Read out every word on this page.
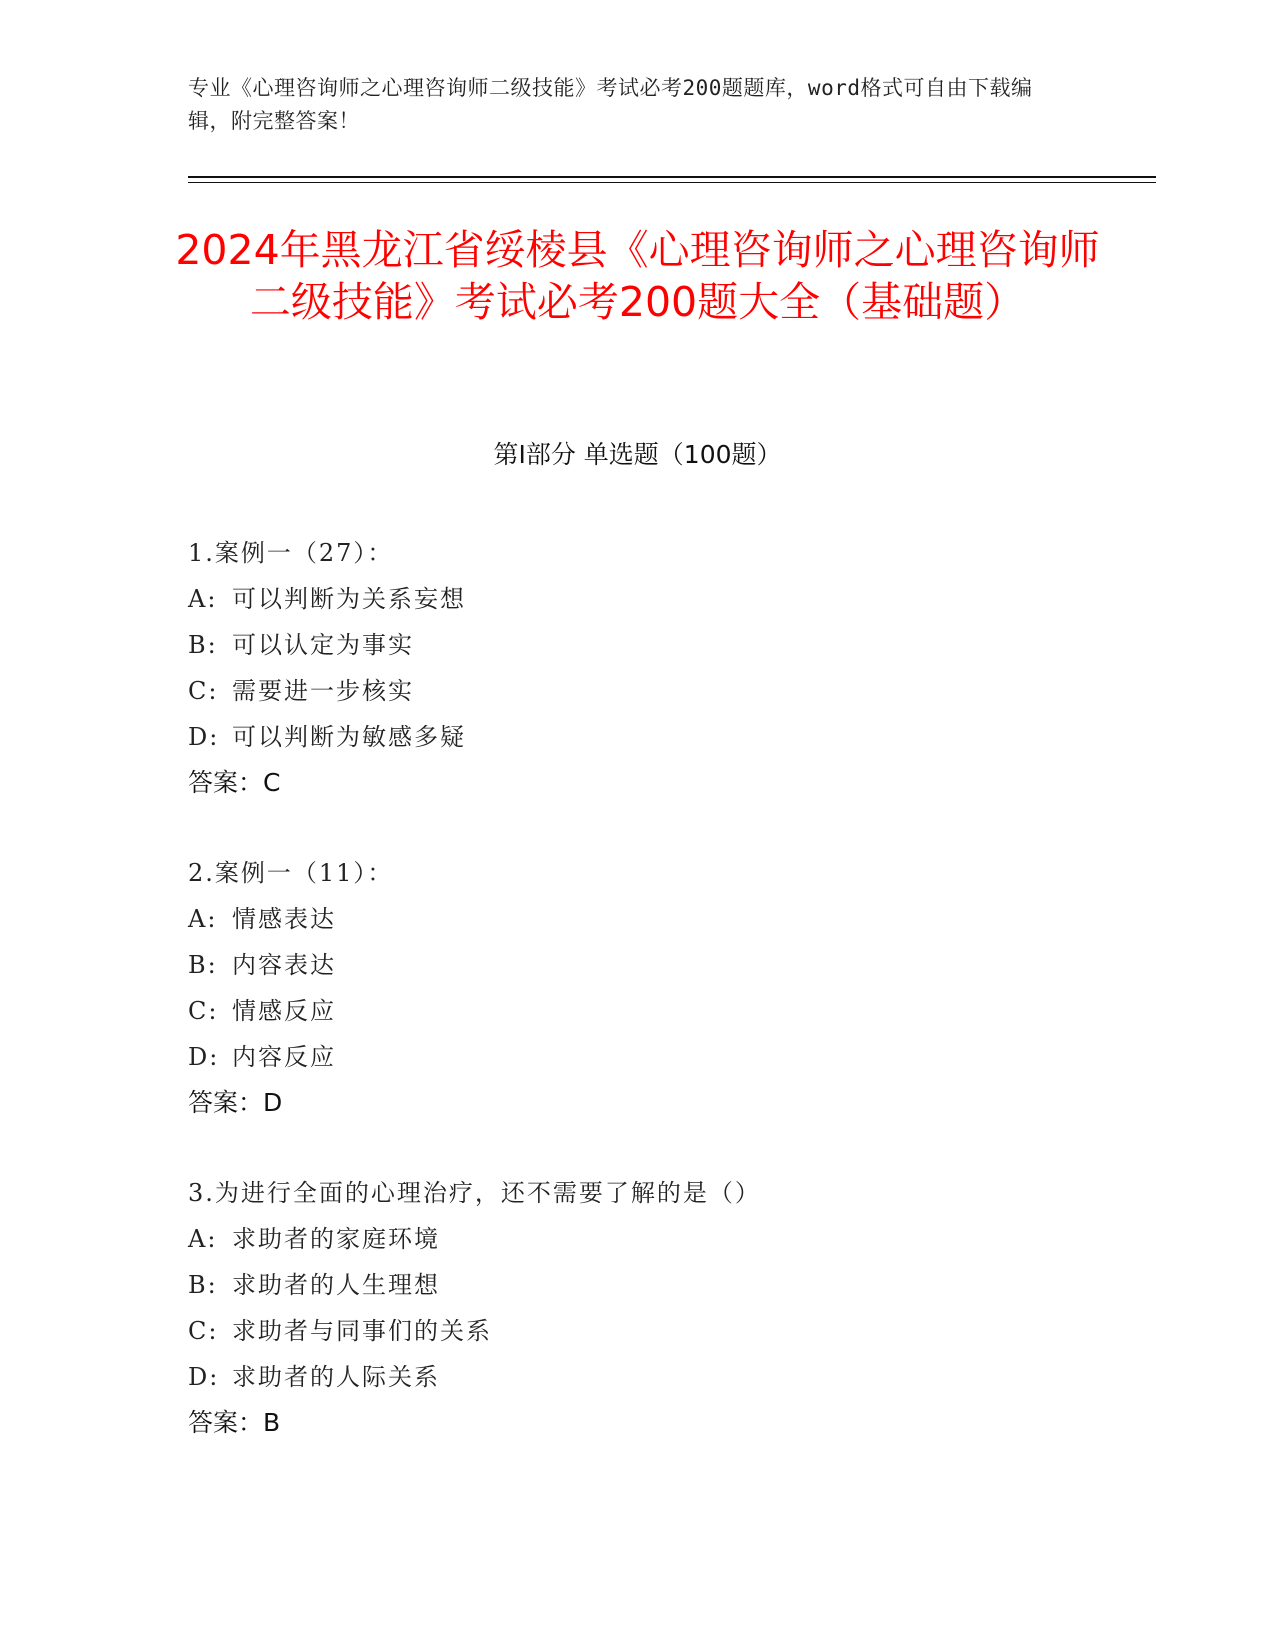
专业《心理咨询师之心理咨询师二级技能》考试必考200题题库，word格式可自由下载编辑，附完整答案！
2024年黑龙江省绥棱县《心理咨询师之心理咨询师二级技能》考试必考200题大全（基础题）
第I部分 单选题（100题）
1.案例一（27）：
A: 可以判断为关系妄想
B: 可以认定为事实
C: 需要进一步核实
D: 可以判断为敏感多疑
答案：C
2.案例一（11）：
A: 情感表达
B: 内容表达
C: 情感反应
D: 内容反应
答案：D
3.为进行全面的心理治疗，还不需要了解的是（）
A: 求助者的家庭环境
B: 求助者的人生理想
C: 求助者与同事们的关系
D: 求助者的人际关系
答案：B
